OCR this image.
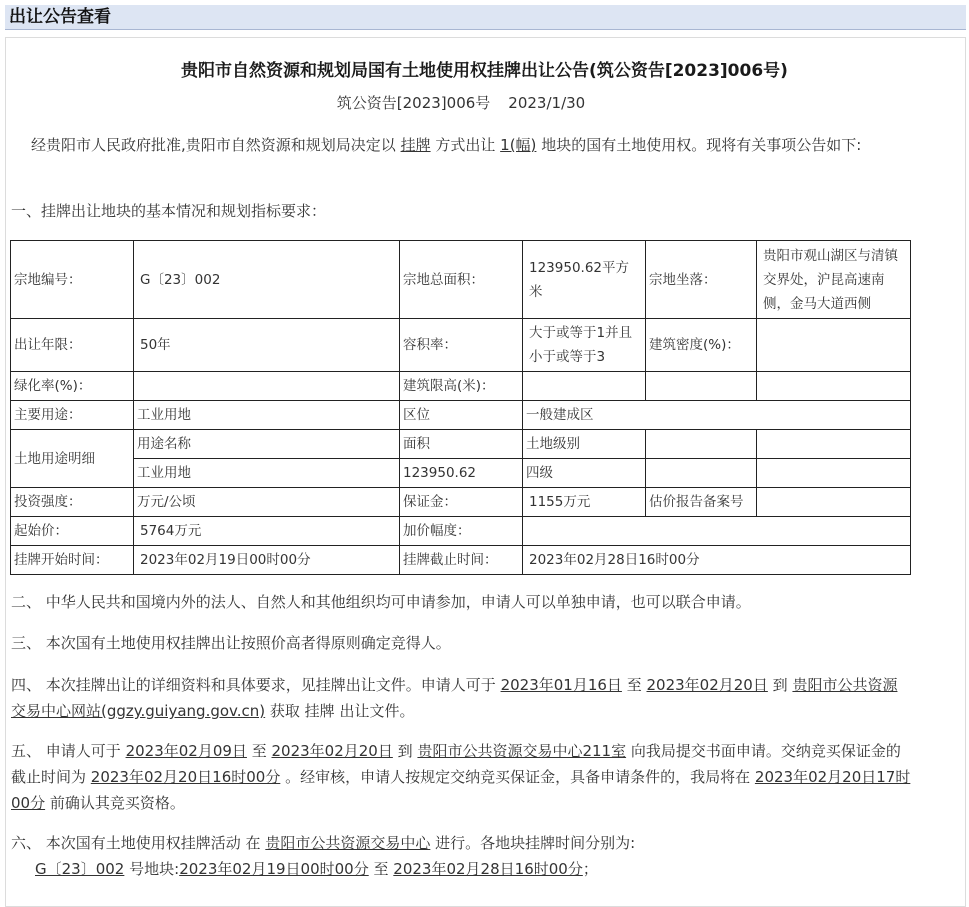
出让公告查看
贵阳市自然资源和规划局国有土地使用权挂牌出让公告(筑公资告[2023]006号)
筑公资告[2023]006号 2023/1/30
经贵阳市人民政府批准,贵阳市自然资源和规划局决定以 挂牌 方式出让 1(幅) 地块的国有土地使用权。现将有关事项公告如下:
一、挂牌出让地块的基本情况和规划指标要求：
宗地编号：	G〔23〕002	宗地总面积：	123950.62平方米	宗地坐落：	贵阳市观山湖区与清镇交界处，沪昆高速南侧，金马大道西侧
出让年限：	50年	容积率：	大于或等于1并且小于或等于3	建筑密度(%)：	
绿化率(%)：		建筑限高(米)：			
主要用途：	工业用地	区位	一般建成区		
土地用途明细	用途名称	面积	土地级别		
	工业用地	123950.62	四级		
投资强度：	万元/公顷	保证金：	1155万元	估价报告备案号	
起始价：	5764万元	加价幅度：			
挂牌开始时间：	2023年02月19日00时00分	挂牌截止时间：	2023年02月28日16时00分		
二、 中华人民共和国境内外的法人、自然人和其他组织均可申请参加，申请人可以单独申请，也可以联合申请。
三、 本次国有土地使用权挂牌出让按照价高者得原则确定竞得人。
四、 本次挂牌出让的详细资料和具体要求，见挂牌出让文件。申请人可于 2023年01月16日 至 2023年02月20日 到 贵阳市公共资源交易中心网站(ggzy.guiyang.gov.cn) 获取 挂牌 出让文件。
五、 申请人可于 2023年02月09日 至 2023年02月20日 到 贵阳市公共资源交易中心211室 向我局提交书面申请。交纳竞买保证金的截止时间为 2023年02月20日16时00分 。经审核，申请人按规定交纳竞买保证金，具备申请条件的，我局将在 2023年02月20日17时00分 前确认其竞买资格。
六、 本次国有土地使用权挂牌活动 在 贵阳市公共资源交易中心 进行。各地块挂牌时间分别为:
G〔23〕002 号地块:2023年02月19日00时00分 至 2023年02月28日16时00分；
